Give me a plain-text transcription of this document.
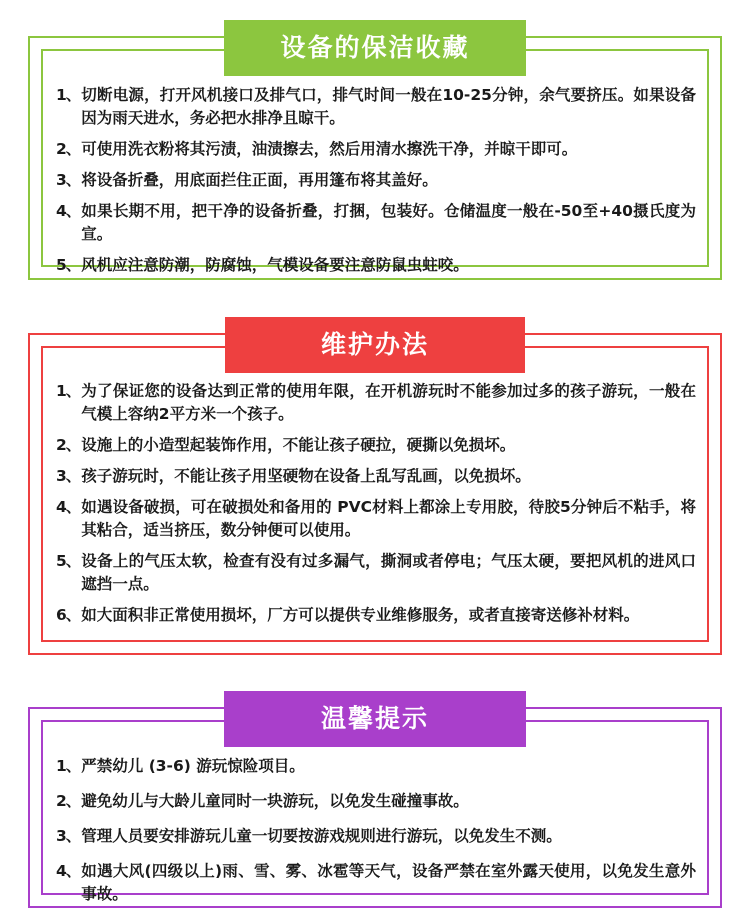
设备的保洁收藏
1、 切断电源，打开风机接口及排气口，排气时间一般在10-25分钟，余气要挤压。如果设备因为雨天进水，务必把水排净且晾干。
2、 可使用洗衣粉将其污渍，油渍擦去，然后用清水擦洗干净，并晾干即可。
3、 将设备折叠，用底面拦住正面，再用篷布将其盖好。
4、 如果长期不用，把干净的设备折叠，打捆，包装好。仓储温度一般在-50至+40摄氏度为宣。
5、 风机应注意防潮，防腐蚀，气模设备要注意防鼠虫蛀咬。
维护办法
1、 为了保证您的设备达到正常的使用年限，在开机游玩时不能参加过多的孩子游玩，一般在气模上容纳2平方米一个孩子。
2、 设施上的小造型起装饰作用，不能让孩子硬拉，硬撕以免损坏。
3、 孩子游玩时，不能让孩子用坚硬物在设备上乱写乱画，以免损坏。
4、 如遇设备破损，可在破损处和备用的 PVC材料上都涂上专用胶，待胶5分钟后不粘手，将其粘合，适当挤压，数分钟便可以使用。
5、 设备上的气压太软，检查有没有过多漏气，撕洞或者停电；气压太硬，要把风机的进风口遮挡一点。
6、 如大面积非正常使用损坏，厂方可以提供专业维修服务，或者直接寄送修补材料。
温馨提示
1、 严禁幼儿 (3-6) 游玩惊险项目。
2、 避免幼儿与大龄儿童同时一块游玩，以免发生碰撞事故。
3、 管理人员要安排游玩儿童一切要按游戏规则进行游玩，以免发生不测。
4、 如遇大风(四级以上)雨、雪、雾、冰雹等天气，设备严禁在室外露天使用，以免发生意外事故。
